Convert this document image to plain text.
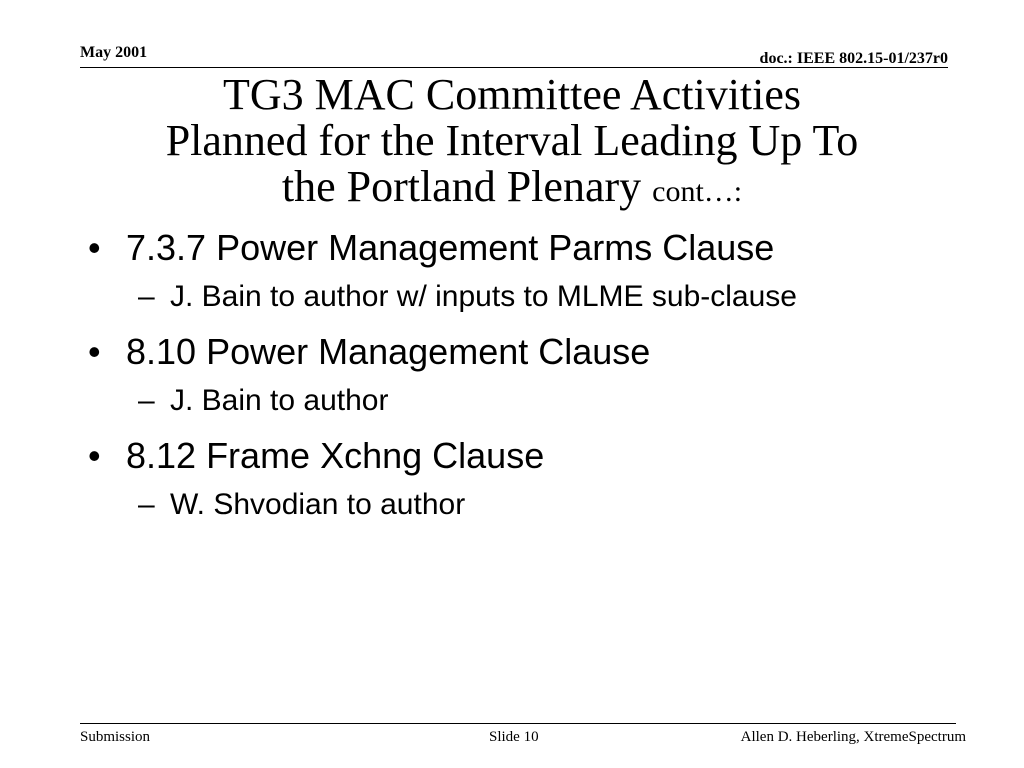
May 2001	doc.: IEEE 802.15-01/237r0
TG3 MAC Committee Activities
Planned for the Interval Leading Up To
the Portland Plenary cont…:
• 7.3.7 Power Management Parms Clause
– J. Bain to author w/ inputs to MLME sub-clause
• 8.10 Power Management Clause
– J. Bain to author
• 8.12 Frame Xchng Clause
– W. Shvodian to author
Submission	Slide 10	Allen D. Heberling, XtremeSpectrum
